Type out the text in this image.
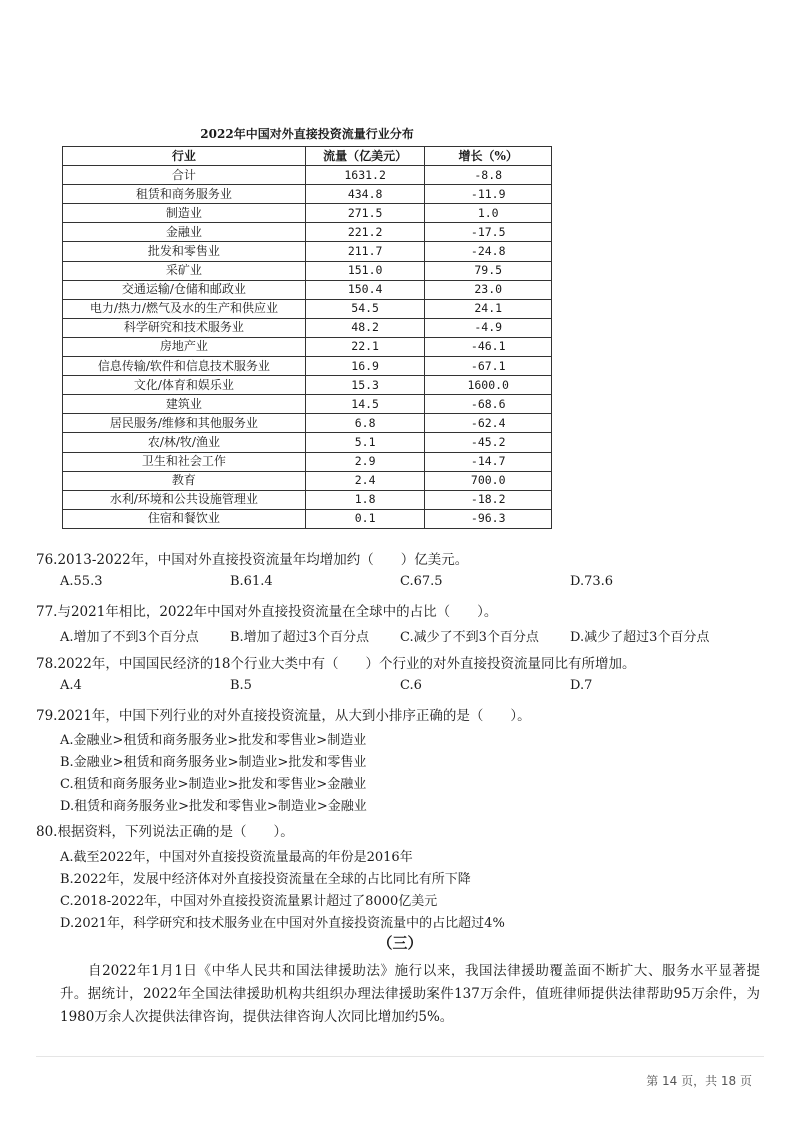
2022年中国对外直接投资流量行业分布
行业	流量（亿美元）	增长（%）
合计	1631.2	-8.8
租赁和商务服务业	434.8	-11.9
制造业	271.5	1.0
金融业	221.2	-17.5
批发和零售业	211.7	-24.8
采矿业	151.0	79.5
交通运输/仓储和邮政业	150.4	23.0
电力/热力/燃气及水的生产和供应业	54.5	24.1
科学研究和技术服务业	48.2	-4.9
房地产业	22.1	-46.1
信息传输/软件和信息技术服务业	16.9	-67.1
文化/体育和娱乐业	15.3	1600.0
建筑业	14.5	-68.6
居民服务/维修和其他服务业	6.8	-62.4
农/林/牧/渔业	5.1	-45.2
卫生和社会工作	2.9	-14.7
教育	2.4	700.0
水利/环境和公共设施管理业	1.8	-18.2
住宿和餐饮业	0.1	-96.3
76.2013-2022年，中国对外直接投资流量年均增加约（　　）亿美元。
A.55.3	B.61.4	C.67.5	D.73.6
77.与2021年相比，2022年中国对外直接投资流量在全球中的占比（　　）。
A.增加了不到3个百分点 B.增加了超过3个百分点 C.减少了不到3个百分点 D.减少了超过3个百分点
78.2022年，中国国民经济的18个行业大类中有（　　）个行业的对外直接投资流量同比有所增加。
A.4	B.5	C.6	D.7
79.2021年，中国下列行业的对外直接投资流量，从大到小排序正确的是（　　）。
A.金融业>租赁和商务服务业>批发和零售业>制造业
B.金融业>租赁和商务服务业>制造业>批发和零售业
C.租赁和商务服务业>制造业>批发和零售业>金融业
D.租赁和商务服务业>批发和零售业>制造业>金融业
80.根据资料，下列说法正确的是（　　）。
A.截至2022年，中国对外直接投资流量最高的年份是2016年
B.2022年，发展中经济体对外直接投资流量在全球的占比同比有所下降
C.2018-2022年，中国对外直接投资流量累计超过了8000亿美元
D.2021年，科学研究和技术服务业在中国对外直接投资流量中的占比超过4%
（三）
自2022年1月1日《中华人民共和国法律援助法》施行以来，我国法律援助覆盖面不断扩大、服务水平显著提升。据统计，2022年全国法律援助机构共组织办理法律援助案件137万余件，值班律师提供法律帮助95万余件，为1980万余人次提供法律咨询，提供法律咨询人次同比增加约5%。
第 14 页，共 18 页
